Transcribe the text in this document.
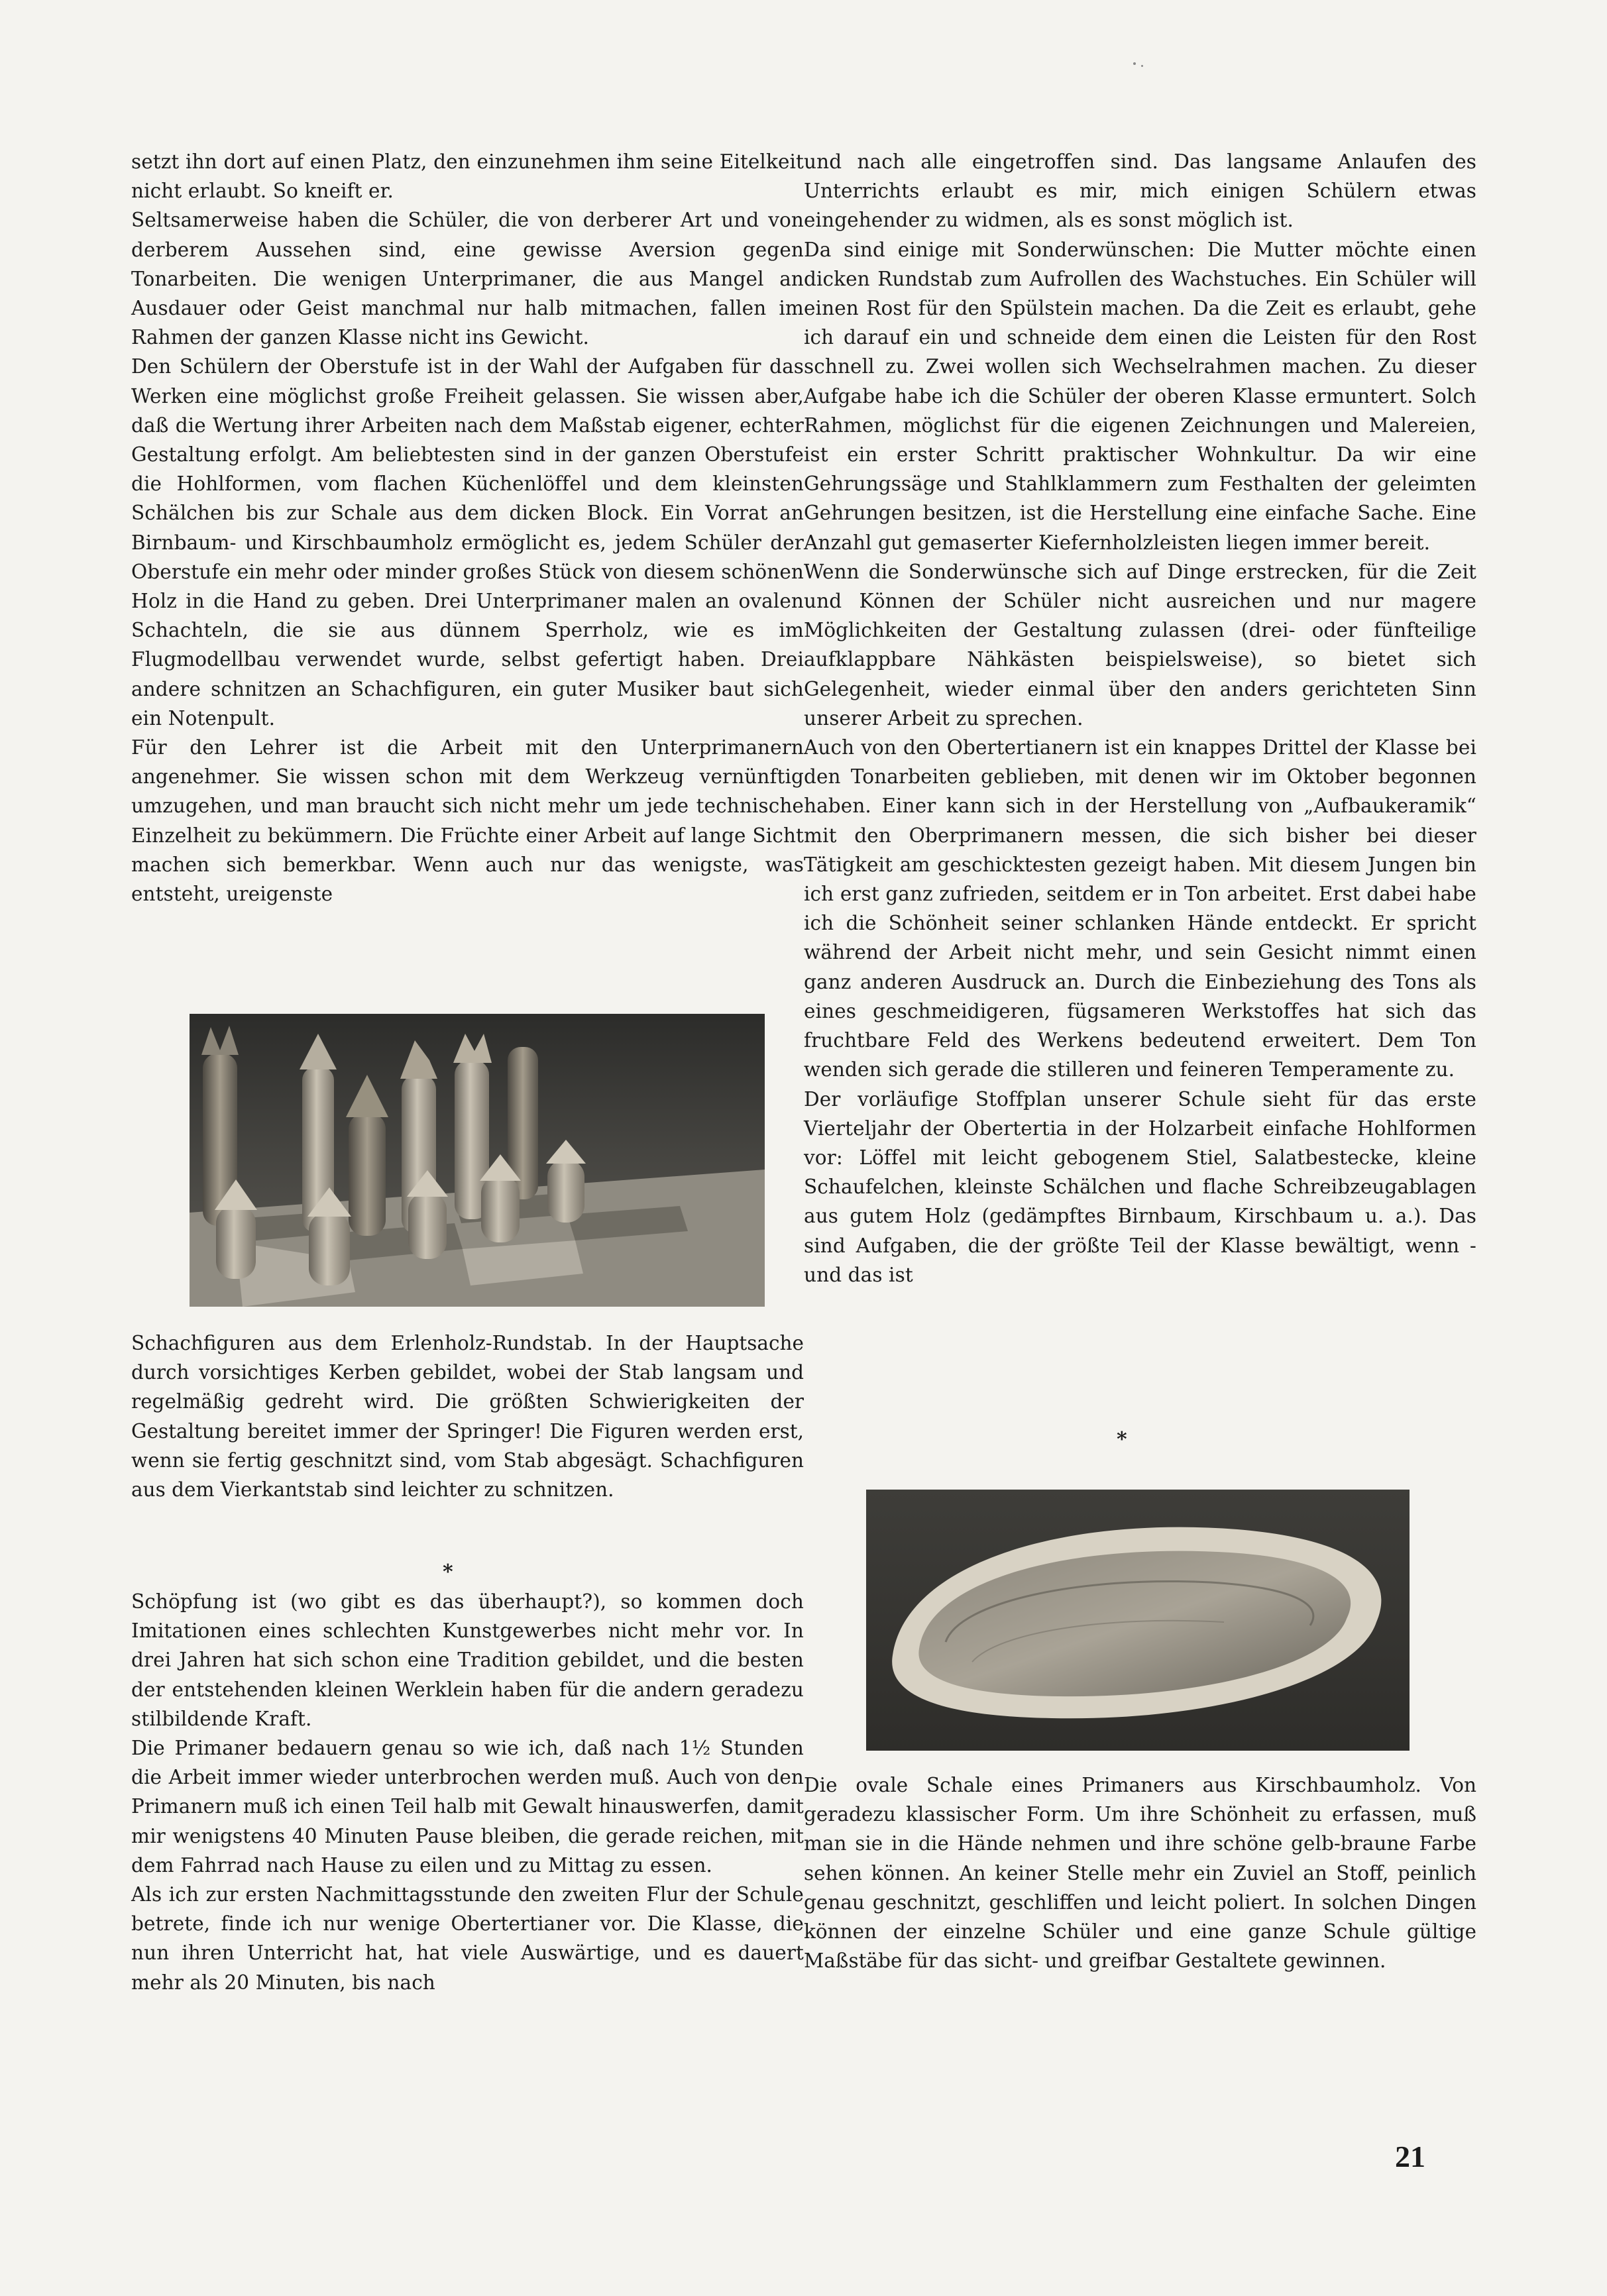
setzt ihn dort auf einen Platz, den einzunehmen ihm seine Eitelkeit nicht erlaubt. So kneift er.

Seltsamerweise haben die Schüler, die von derberer Art und von derberem Aussehen sind, eine gewisse Aversion gegen Tonarbeiten. Die wenigen Unterprimaner, die aus Mangel an Ausdauer oder Geist manchmal nur halb mitmachen, fallen im Rahmen der ganzen Klasse nicht ins Gewicht.

Den Schülern der Oberstufe ist in der Wahl der Aufgaben für das Werken eine möglichst große Freiheit gelassen. Sie wissen aber, daß die Wertung ihrer Arbeiten nach dem Maßstab eigener, echter Gestaltung erfolgt. Am beliebtesten sind in der ganzen Oberstufe die Hohlformen, vom flachen Küchenlöffel und dem kleinsten Schälchen bis zur Schale aus dem dicken Block. Ein Vorrat an Birnbaum- und Kirschbaumholz ermöglicht es, jedem Schüler der Oberstufe ein mehr oder minder großes Stück von diesem schönen Holz in die Hand zu geben. Drei Unterprimaner malen an ovalen Schachteln, die sie aus dünnem Sperrholz, wie es im Flugmodellbau verwendet wurde, selbst gefertigt haben. Drei andere schnitzen an Schachfiguren, ein guter Musiker baut sich ein Notenpult.

Für den Lehrer ist die Arbeit mit den Unterprimanern angenehmer. Sie wissen schon mit dem Werkzeug vernünftig umzugehen, und man braucht sich nicht mehr um jede technische Einzelheit zu bekümmern. Die Früchte einer Arbeit auf lange Sicht machen sich bemerkbar. Wenn auch nur das wenigste, was entsteht, ureigenste

Schachfiguren aus dem Erlenholz-Rundstab. In der Hauptsache durch vorsichtiges Kerben gebildet, wobei der Stab langsam und regelmäßig gedreht wird. Die größten Schwierigkeiten der Gestaltung bereitet immer der Springer! Die Figuren werden erst, wenn sie fertig geschnitzt sind, vom Stab abgesägt. Schachfiguren aus dem Vierkantstab sind leichter zu schnitzen.

*

Schöpfung ist (wo gibt es das überhaupt?), so kommen doch Imitationen eines schlechten Kunstgewerbes nicht mehr vor. In drei Jahren hat sich schon eine Tradition gebildet, und die besten der entstehenden kleinen Werklein haben für die andern geradezu stilbildende Kraft.

Die Primaner bedauern genau so wie ich, daß nach 1½ Stunden die Arbeit immer wieder unterbrochen werden muß. Auch von den Primanern muß ich einen Teil halb mit Gewalt hinauswerfen, damit mir wenigstens 40 Minuten Pause bleiben, die gerade reichen, mit dem Fahrrad nach Hause zu eilen und zu Mittag zu essen.

Als ich zur ersten Nachmittagsstunde den zweiten Flur der Schule betrete, finde ich nur wenige Obertertianer vor. Die Klasse, die nun ihren Unterricht hat, hat viele Auswärtige, und es dauert mehr als 20 Minuten, bis nach

und nach alle eingetroffen sind. Das langsame Anlaufen des Unterrichts erlaubt es mir, mich einigen Schülern etwas eingehender zu widmen, als es sonst möglich ist.

Da sind einige mit Sonderwünschen: Die Mutter möchte einen dicken Rundstab zum Aufrollen des Wachstuches. Ein Schüler will einen Rost für den Spülstein machen. Da die Zeit es erlaubt, gehe ich darauf ein und schneide dem einen die Leisten für den Rost schnell zu. Zwei wollen sich Wechselrahmen machen. Zu dieser Aufgabe habe ich die Schüler der oberen Klasse ermuntert. Solch Rahmen, möglichst für die eigenen Zeichnungen und Malereien, ist ein erster Schritt praktischer Wohnkultur. Da wir eine Gehrungssäge und Stahlklammern zum Festhalten der geleimten Gehrungen besitzen, ist die Herstellung eine einfache Sache. Eine Anzahl gut gemaserter Kiefernholzleisten liegen immer bereit.

Wenn die Sonderwünsche sich auf Dinge erstrecken, für die Zeit und Können der Schüler nicht ausreichen und nur magere Möglichkeiten der Gestaltung zulassen (drei- oder fünfteilige aufklappbare Nähkästen beispielsweise), so bietet sich Gelegenheit, wieder einmal über den anders gerichteten Sinn unserer Arbeit zu sprechen.

Auch von den Obertertianern ist ein knappes Drittel der Klasse bei den Tonarbeiten geblieben, mit denen wir im Oktober begonnen haben. Einer kann sich in der Herstellung von „Aufbaukeramik“ mit den Oberprimanern messen, die sich bisher bei dieser Tätigkeit am geschicktesten gezeigt haben. Mit diesem Jungen bin ich erst ganz zufrieden, seitdem er in Ton arbeitet. Erst dabei habe ich die Schönheit seiner schlanken Hände entdeckt. Er spricht während der Arbeit nicht mehr, und sein Gesicht nimmt einen ganz anderen Ausdruck an. Durch die Einbeziehung des Tons als eines geschmeidigeren, fügsameren Werkstoffes hat sich das fruchtbare Feld des Werkens bedeutend erweitert. Dem Ton wenden sich gerade die stilleren und feineren Temperamente zu.

Der vorläufige Stoffplan unserer Schule sieht für das erste Vierteljahr der Obertertia in der Holzarbeit einfache Hohlformen vor: Löffel mit leicht gebogenem Stiel, Salatbestecke, kleine Schaufelchen, kleinste Schälchen und flache Schreibzeugablagen aus gutem Holz (gedämpftes Birnbaum, Kirschbaum u. a.). Das sind Aufgaben, die der größte Teil der Klasse bewältigt, wenn - und das ist

*

Die ovale Schale eines Primaners aus Kirschbaumholz. Von geradezu klassischer Form. Um ihre Schönheit zu erfassen, muß man sie in die Hände nehmen und ihre schöne gelb-braune Farbe sehen können. An keiner Stelle mehr ein Zuviel an Stoff, peinlich genau geschnitzt, geschliffen und leicht poliert. In solchen Dingen können der einzelne Schüler und eine ganze Schule gültige Maßstäbe für das sicht- und greifbar Gestaltete gewinnen.

21
